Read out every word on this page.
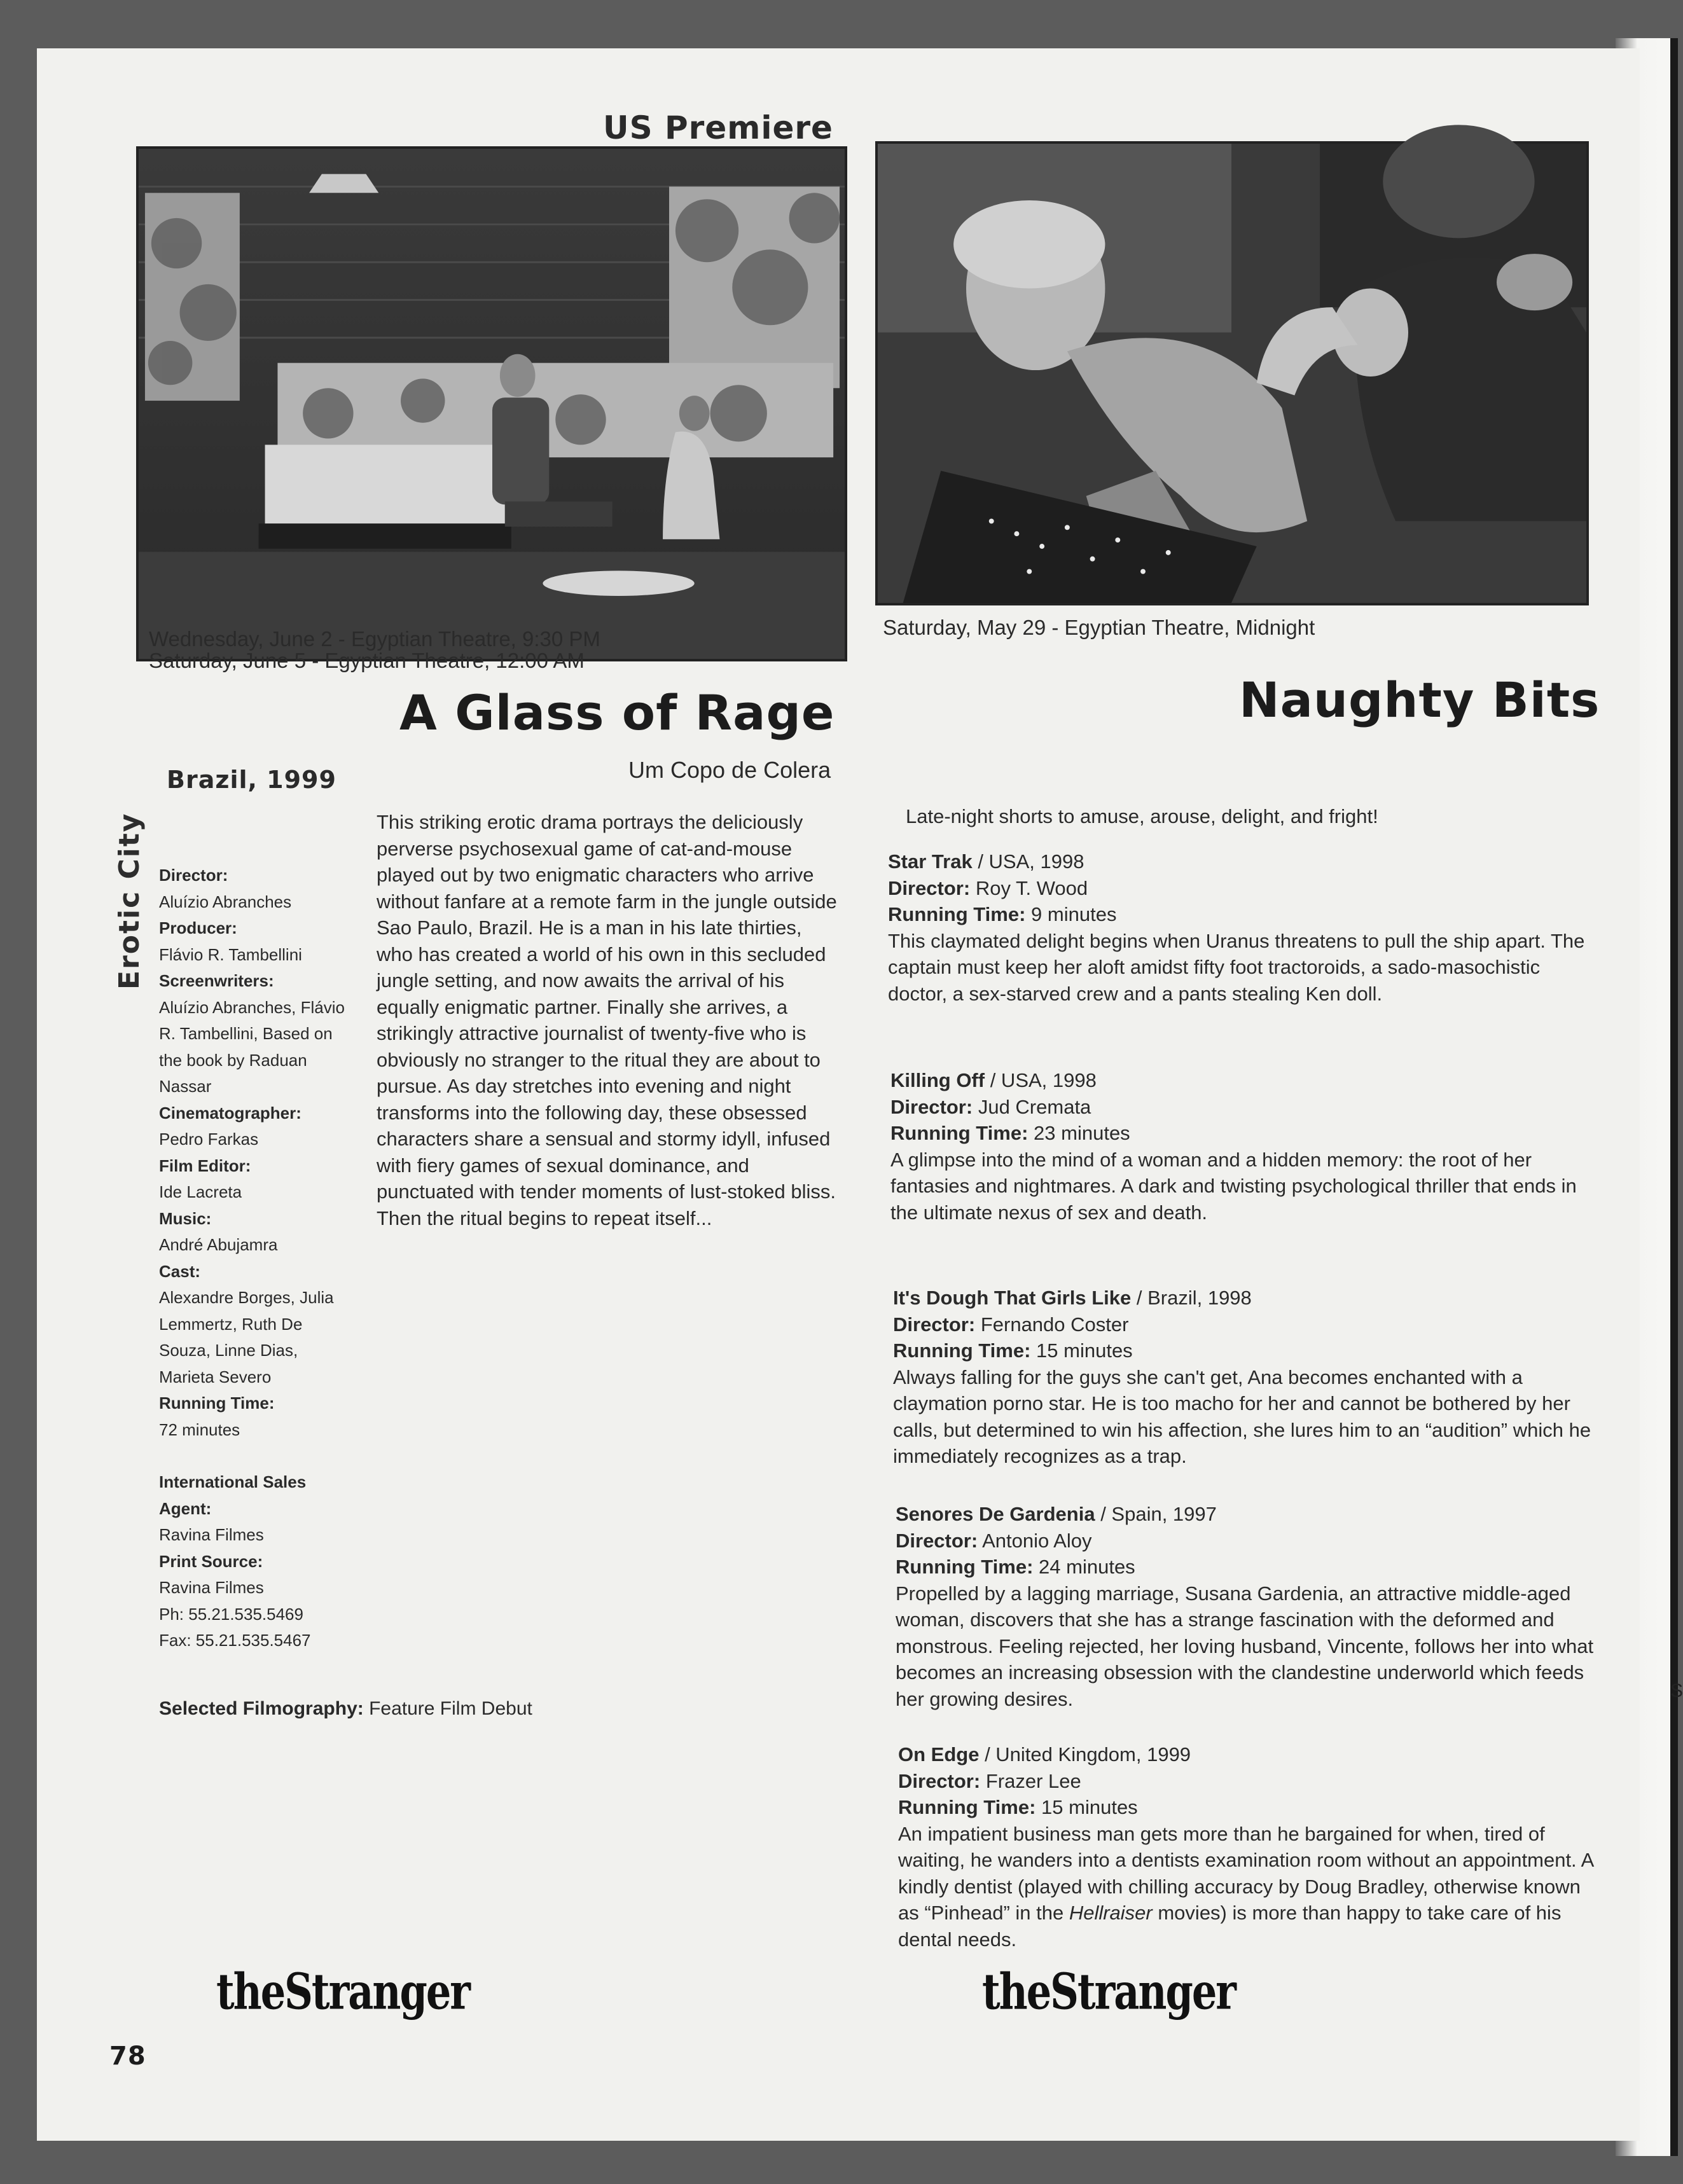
S
US Premiere
Wednesday, June 2 - Egyptian Theatre, 9:30 PM
Saturday, June 5 - Egyptian Theatre, 12:00 AM
Saturday, May 29 - Egyptian Theatre, Midnight
A Glass of Rage	Naughty Bits
Brazil, 1999	Um Copo de Colera
Late-night shorts to amuse, arouse, delight, and fright!
Erotic City Director:
Aluízio Abranches
Producer:
Flávio R. Tambellini
Screenwriters:
Aluízio Abranches, Flávio R. Tambellini, Based on the book by Raduan Nassar
Cinematographer:
Pedro Farkas
Film Editor:
Ide Lacreta
Music:
André Abujamra
Cast:
Alexandre Borges, Julia Lemmertz, Ruth De Souza, Linne Dias, Marieta Severo
Running Time:
72 minutes
International Sales Agent:
Ravina Filmes
Print Source:
Ravina Filmes
Ph: 55.21.535.5469
Fax: 55.21.535.5467
Selected Filmography: Feature Film Debut
This striking erotic drama portrays the deliciously perverse psychosexual game of cat-and-mouse played out by two enigmatic characters who arrive without fanfare at a remote farm in the jungle outside Sao Paulo, Brazil. He is a man in his late thirties, who has created a world of his own in this secluded jungle setting, and now awaits the arrival of his equally enigmatic partner. Finally she arrives, a strikingly attractive journalist of twenty-five who is obviously no stranger to the ritual they are about to pursue. As day stretches into evening and night transforms into the following day, these obsessed characters share a sensual and stormy idyll, infused with fiery games of sexual dominance, and punctuated with tender moments of lust-stoked bliss. Then the ritual begins to repeat itself...
Star Trak / USA, 1998
Director: Roy T. Wood
Running Time: 9 minutes
This claymated delight begins when Uranus threatens to pull the ship apart. The captain must keep her aloft amidst fifty foot tractoroids, a sado-masochistic doctor, a sex-starved crew and a pants stealing Ken doll.
Killing Off / USA, 1998
Director: Jud Cremata
Running Time: 23 minutes
A glimpse into the mind of a woman and a hidden memory: the root of her fantasies and nightmares. A dark and twisting psychological thriller that ends in the ultimate nexus of sex and death.
It's Dough That Girls Like / Brazil, 1998
Director: Fernando Coster
Running Time: 15 minutes
Always falling for the guys she can't get, Ana becomes enchanted with a claymation porno star. He is too macho for her and cannot be bothered by her calls, but determined to win his affection, she lures him to an “audition” which he immediately recognizes as a trap.
Senores De Gardenia / Spain, 1997
Director: Antonio Aloy
Running Time: 24 minutes
Propelled by a lagging marriage, Susana Gardenia, an attractive middle-aged woman, discovers that she has a strange fascination with the deformed and monstrous. Feeling rejected, her loving husband, Vincente, follows her into what becomes an increasing obsession with the clandestine underworld which feeds her growing desires.
On Edge / United Kingdom, 1999
Director: Frazer Lee
Running Time: 15 minutes
An impatient business man gets more than he bargained for when, tired of waiting, he wanders into a dentists examination room without an appointment. A kindly dentist (played with chilling accuracy by Doug Bradley, otherwise known as “Pinhead” in the Hellraiser movies) is more than happy to take care of his dental needs.
theStranger	theStranger
78
